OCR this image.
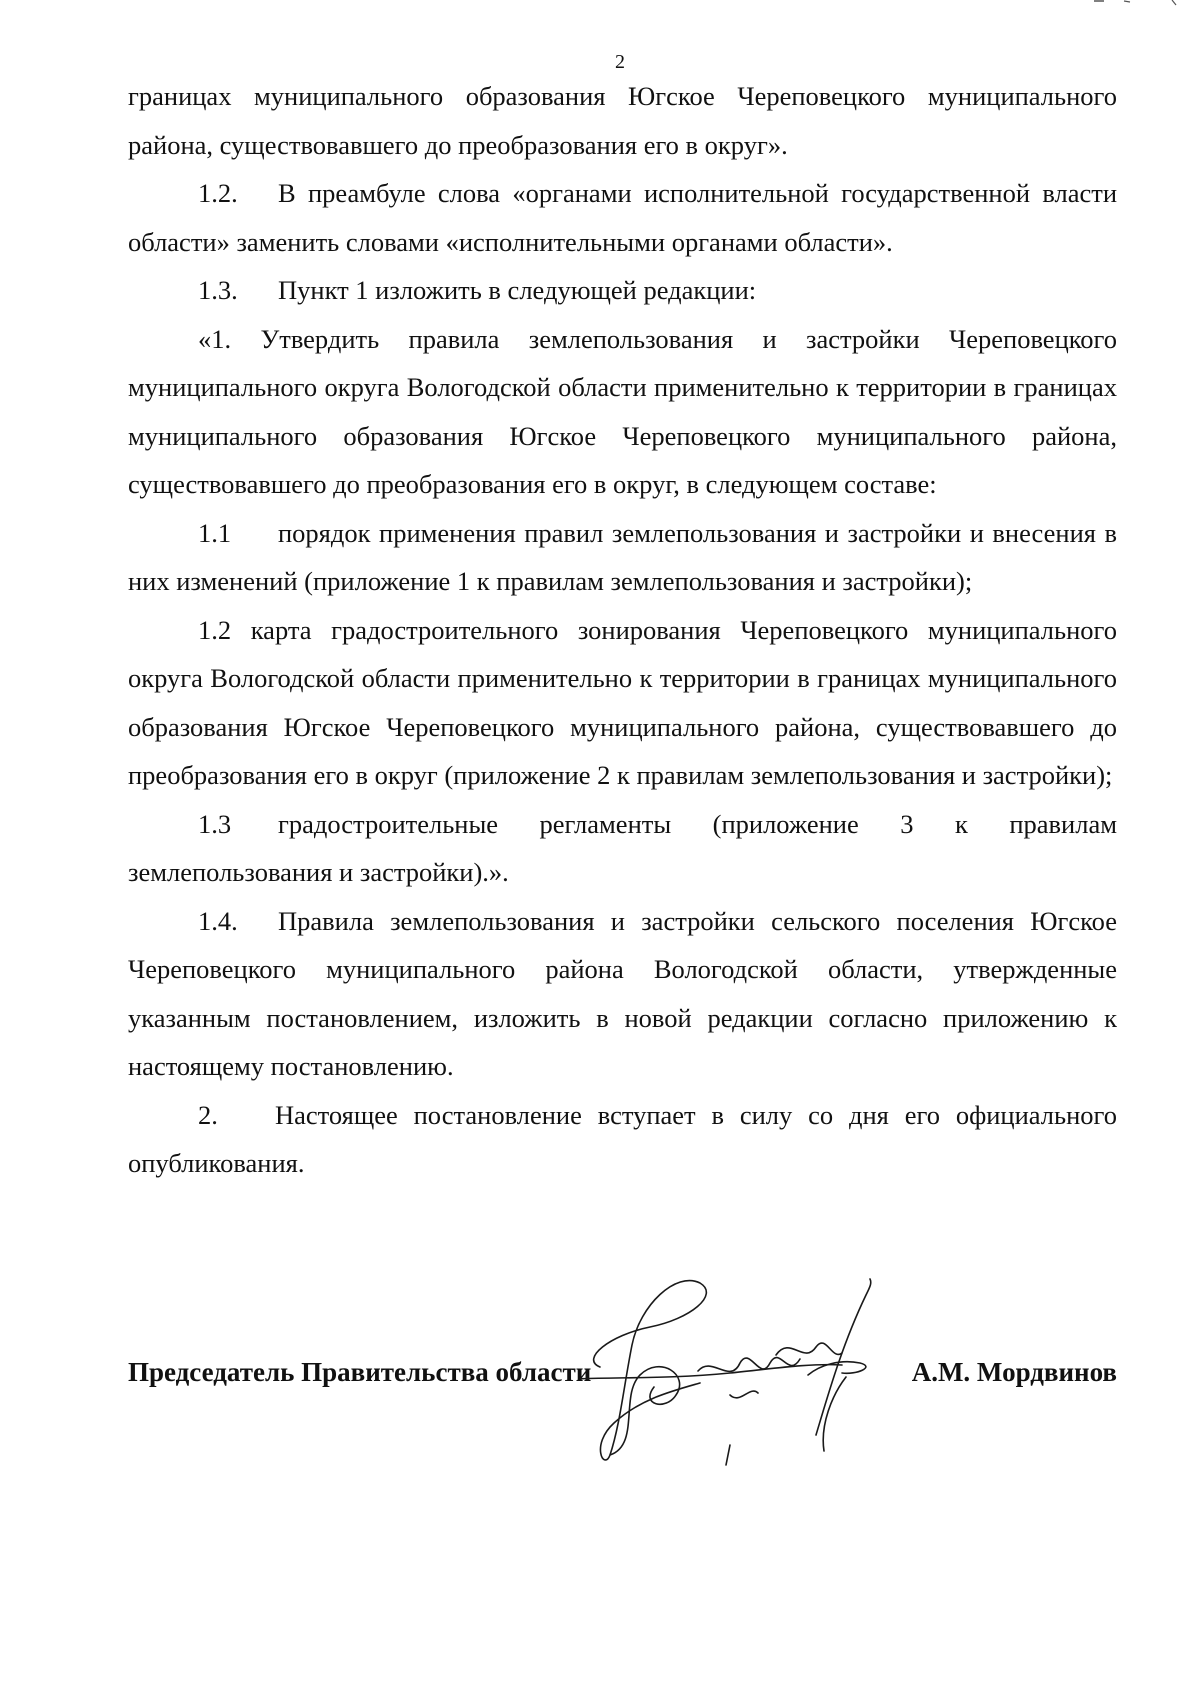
2

границах муниципального образования Югское Череповецкого муниципального района, существовавшего до преобразования его в округ».

1.2. В преамбуле слова «органами исполнительной государственной власти области» заменить словами «исполнительными органами области».

1.3. Пункт 1 изложить в следующей редакции:

«1. Утвердить правила землепользования и застройки Череповецкого муниципального округа Вологодской области применительно к территории в границах муниципального образования Югское Череповецкого муниципального района, существовавшего до преобразования его в округ, в следующем составе:

1.1 порядок применения правил землепользования и застройки и внесения в них изменений (приложение 1 к правилам землепользования и застройки);

1.2 карта градостроительного зонирования Череповецкого муниципального округа Вологодской области применительно к территории в границах муниципального образования Югское Череповецкого муниципального района, существовавшего до преобразования его в округ (приложение 2 к правилам землепользования и застройки);

1.3 градостроительные регламенты (приложение 3 к правилам землепользования и застройки).».

1.4. Правила землепользования и застройки сельского поселения Югское Череповецкого муниципального района Вологодской области, утвержденные указанным постановлением, изложить в новой редакции согласно приложению к настоящему постановлению.

2. Настоящее постановление вступает в силу со дня его официального опубликования.

Председатель Правительства области	А.М. Мордвинов
